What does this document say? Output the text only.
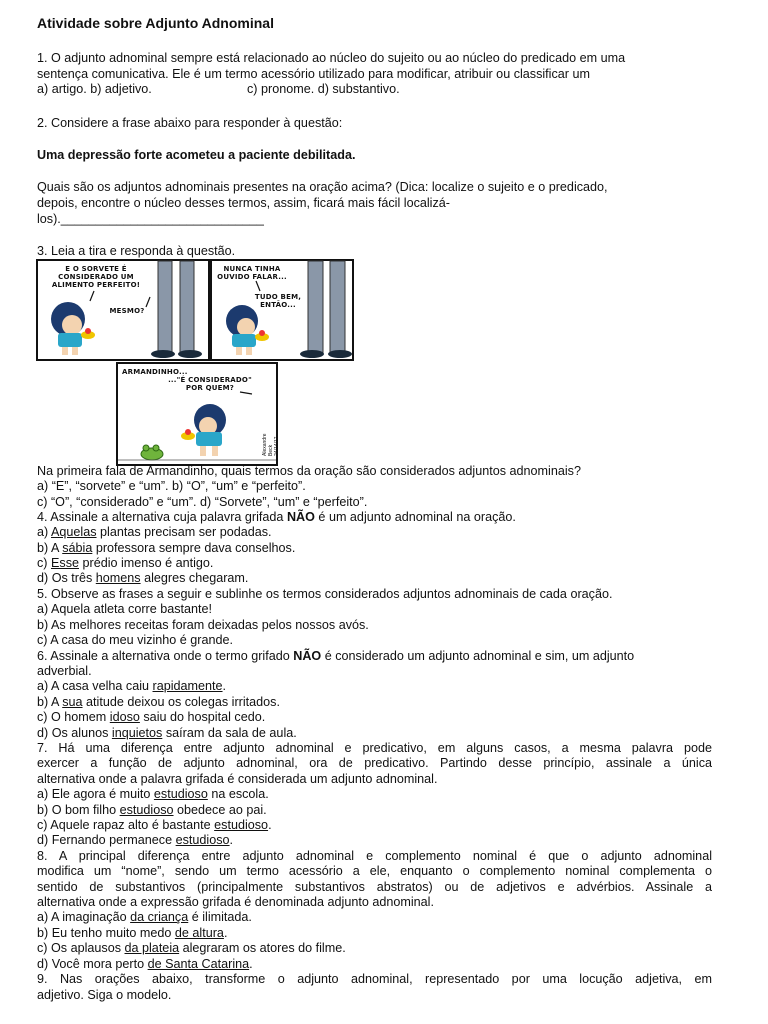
Atividade sobre Adjunto Adnominal
1. O adjunto adnominal sempre está relacionado ao núcleo do sujeito ou ao núcleo do predicado em uma
sentença comunicativa. Ele é um termo acessório utilizado para modificar, atribuir ou classificar um
a) artigo. b) adjetivo.	c) pronome. d) substantivo.
2. Considere a frase abaixo para responder à questão:
Uma depressão forte acometeu a paciente debilitada.
Quais são os adjuntos adnominais presentes na oração acima? (Dica: localize o sujeito e o predicado,
depois, encontre o núcleo desses termos, assim, ficará mais fácil localizá-
los)._____________________________
3. Leia a tira e responda à questão.
E O SORVETE É CONSIDERADO UM ALIMENTO PERFEITO!
MESMO?
NUNCA TINHA OUVIDO FALAR...
TUDO BEM, ENTÃO...
ARMANDINHO...
..."É CONSIDERADO" POR QUEM?
Alexandre Beck 24/14/17
Na primeira fala de Armandinho, quais termos da oração são considerados adjuntos adnominais?
a) “E”, “sorvete” e “um”. b) “O”, “um” e “perfeito”.
c) “O”, “considerado” e “um”. d) “Sorvete”, “um” e “perfeito”.
4. Assinale a alternativa cuja palavra grifada NÃO é um adjunto adnominal na oração.
a) Aquelas plantas precisam ser podadas.
b) A sábia professora sempre dava conselhos.
c) Esse prédio imenso é antigo.
d) Os três homens alegres chegaram.
5. Observe as frases a seguir e sublinhe os termos considerados adjuntos adnominais de cada oração.
a) Aquela atleta corre bastante!
b) As melhores receitas foram deixadas pelos nossos avós.
c) A casa do meu vizinho é grande.
6. Assinale a alternativa onde o termo grifado NÃO é considerado um adjunto adnominal e sim, um adjunto
adverbial.
a) A casa velha caiu rapidamente.
b) A sua atitude deixou os colegas irritados.
c) O homem idoso saiu do hospital cedo.
d) Os alunos inquietos saíram da sala de aula.
7. Há uma diferença entre adjunto adnominal e predicativo, em alguns casos, a mesma palavra pode
exercer a função de adjunto adnominal, ora de predicativo. Partindo desse princípio, assinale a única
alternativa onde a palavra grifada é considerada um adjunto adnominal.
a) Ele agora é muito estudioso na escola.
b) O bom filho estudioso obedece ao pai.
c) Aquele rapaz alto é bastante estudioso.
d) Fernando permanece estudioso.
8. A principal diferença entre adjunto adnominal e complemento nominal é que o adjunto adnominal
modifica um “nome”, sendo um termo acessório a ele, enquanto o complemento nominal complementa o
sentido de substantivos (principalmente substantivos abstratos) ou de adjetivos e advérbios. Assinale a
alternativa onde a expressão grifada é denominada adjunto adnominal.
a) A imaginação da criança é ilimitada.
b) Eu tenho muito medo de altura.
c) Os aplausos da plateia alegraram os atores do filme.
d) Você mora perto de Santa Catarina.
9. Nas orações abaixo, transforme o adjunto adnominal, representado por uma locução adjetiva, em
adjetivo. Siga o modelo.
